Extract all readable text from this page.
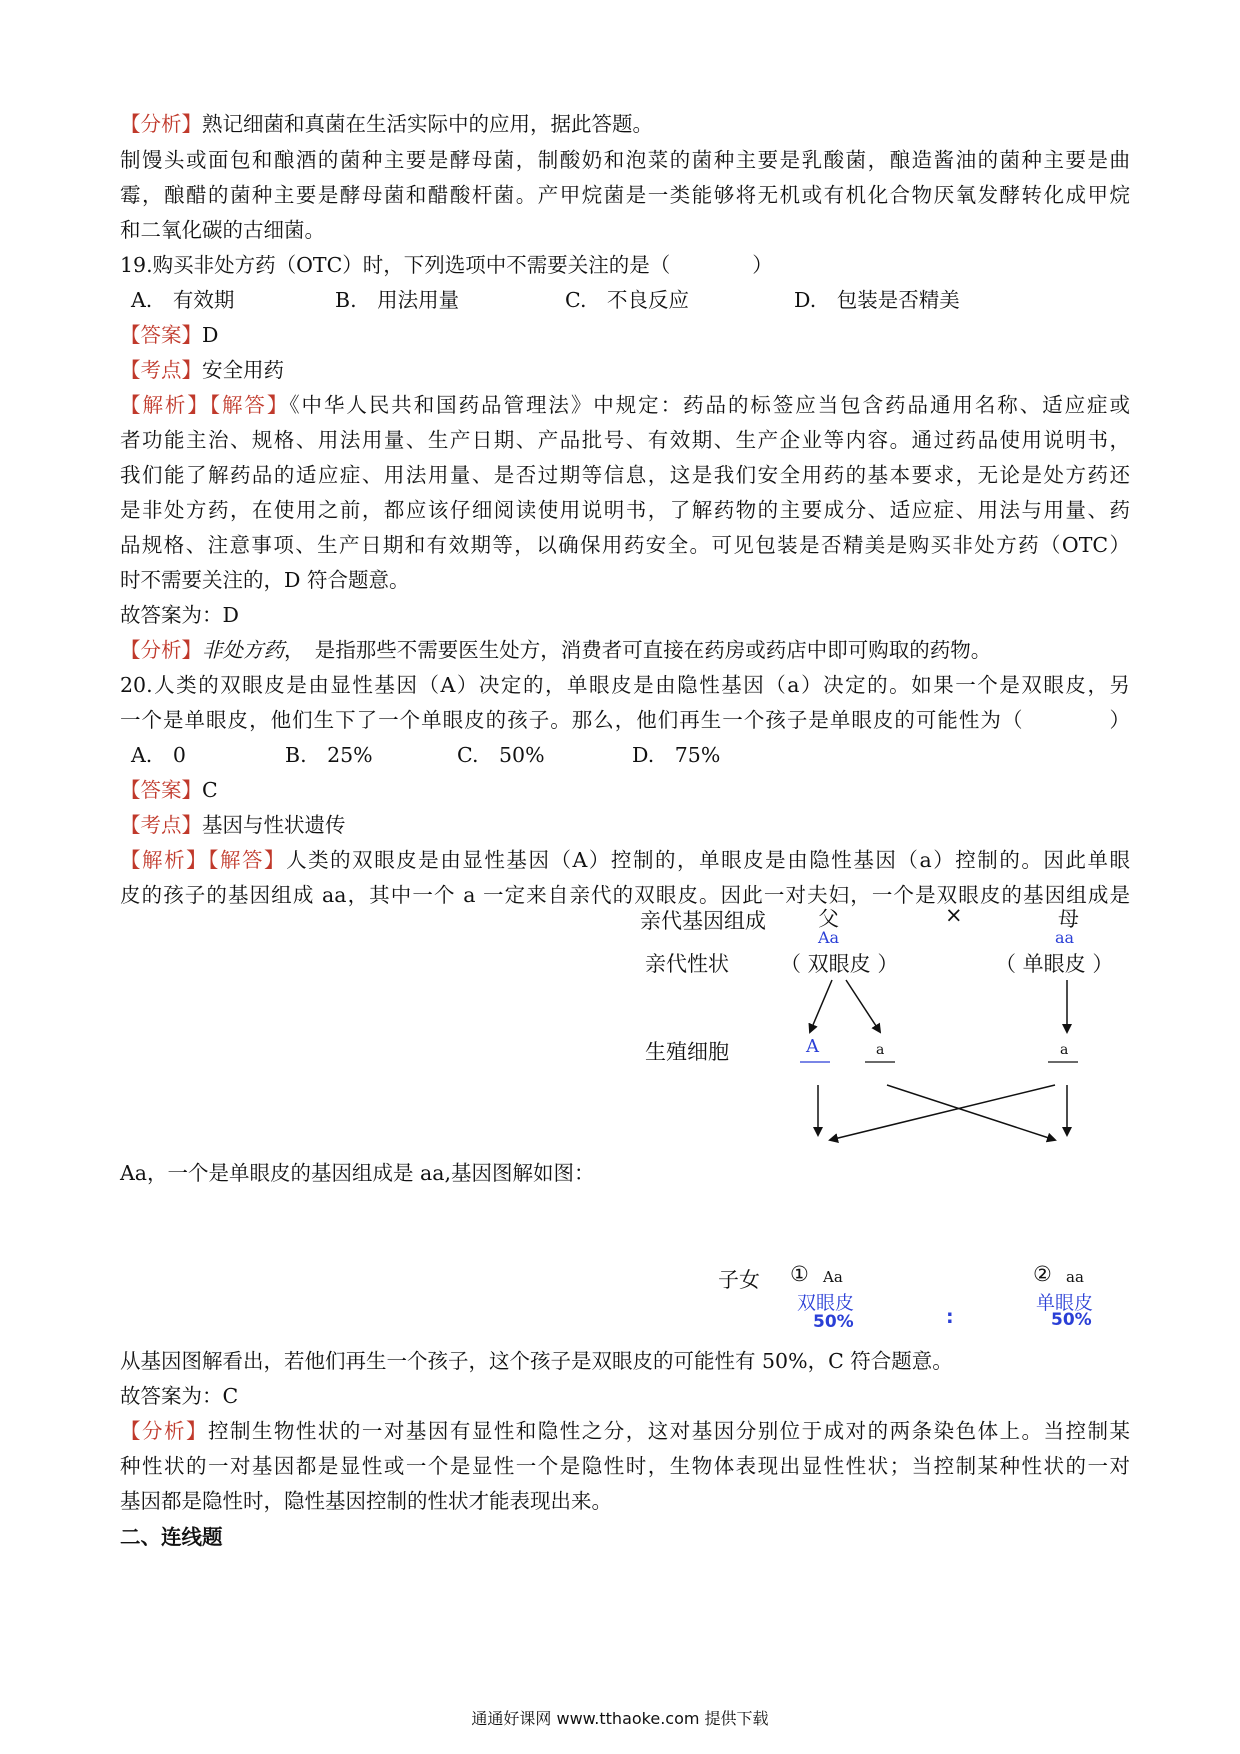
【分析】熟记细菌和真菌在生活实际中的应用，据此答题。
制馒头或面包和酿酒的菌种主要是酵母菌，制酸奶和泡菜的菌种主要是乳酸菌，酿造酱油的菌种主要是曲
霉，酿醋的菌种主要是酵母菌和醋酸杆菌。产甲烷菌是一类能够将无机或有机化合物厌氧发酵转化成甲烷
和二氧化碳的古细菌。
19.购买非处方药（OTC）时，下列选项中不需要关注的是（　　　　）
A.　 有效期	B.　 用法用量	C.　 不良反应	D.　 包装是否精美
【答案】D
【考点】安全用药
【解析】【解答】《中华人民共和国药品管理法》中规定：药品的标签应当包含药品通用名称、适应症或
者功能主治、规格、用法用量、生产日期、产品批号、有效期、生产企业等内容。通过药品使用说明书，
我们能了解药品的适应症、用法用量、是否过期等信息，这是我们安全用药的基本要求，无论是处方药还
是非处方药，在使用之前，都应该仔细阅读使用说明书，了解药物的主要成分、适应症、用法与用量、药
品规格、注意事项、生产日期和有效期等，以确保用药安全。可见包装是否精美是购买非处方药（OTC）
时不需要关注的，D 符合题意。
故答案为：D
【分析】非处方药，　是指那些不需要医生处方，消费者可直接在药房或药店中即可购取的药物。
20.人类的双眼皮是由显性基因（A）决定的，单眼皮是由隐性基因（a）决定的。如果一个是双眼皮，另
一个是单眼皮，他们生下了一个单眼皮的孩子。那么，他们再生一个孩子是单眼皮的可能性为（　　　　）
A.　 0	B.　 25%	C.　 50%	D.　 75%
【答案】C
【考点】基因与性状遗传
【解析】【解答】人类的双眼皮是由显性基因（A）控制的，单眼皮是由隐性基因（a）控制的。因此单眼
皮的孩子的基因组成 aa，其中一个 a 一定来自亲代的双眼皮。因此一对夫妇，一个是双眼皮的基因组成是
亲代基因组成 父	×	母
Aa	aa
亲代性状 （ 双眼皮 ）	（ 单眼皮 ）
生殖细胞	A	a	a
子女 ① Aa
双眼皮
50%	:
② aa
单眼皮
50%
Aa，一个是单眼皮的基因组成是 aa,基因图解如图：
从基因图解看出，若他们再生一个孩子，这个孩子是双眼皮的可能性有 50%，C 符合题意。
故答案为：C
【分析】控制生物性状的一对基因有显性和隐性之分，这对基因分别位于成对的两条染色体上。当控制某
种性状的一对基因都是显性或一个是显性一个是隐性时，生物体表现出显性性状；当控制某种性状的一对
基因都是隐性时，隐性基因控制的性状才能表现出来。
二、连线题
通通好课网 www.tthaoke.com 提供下载
